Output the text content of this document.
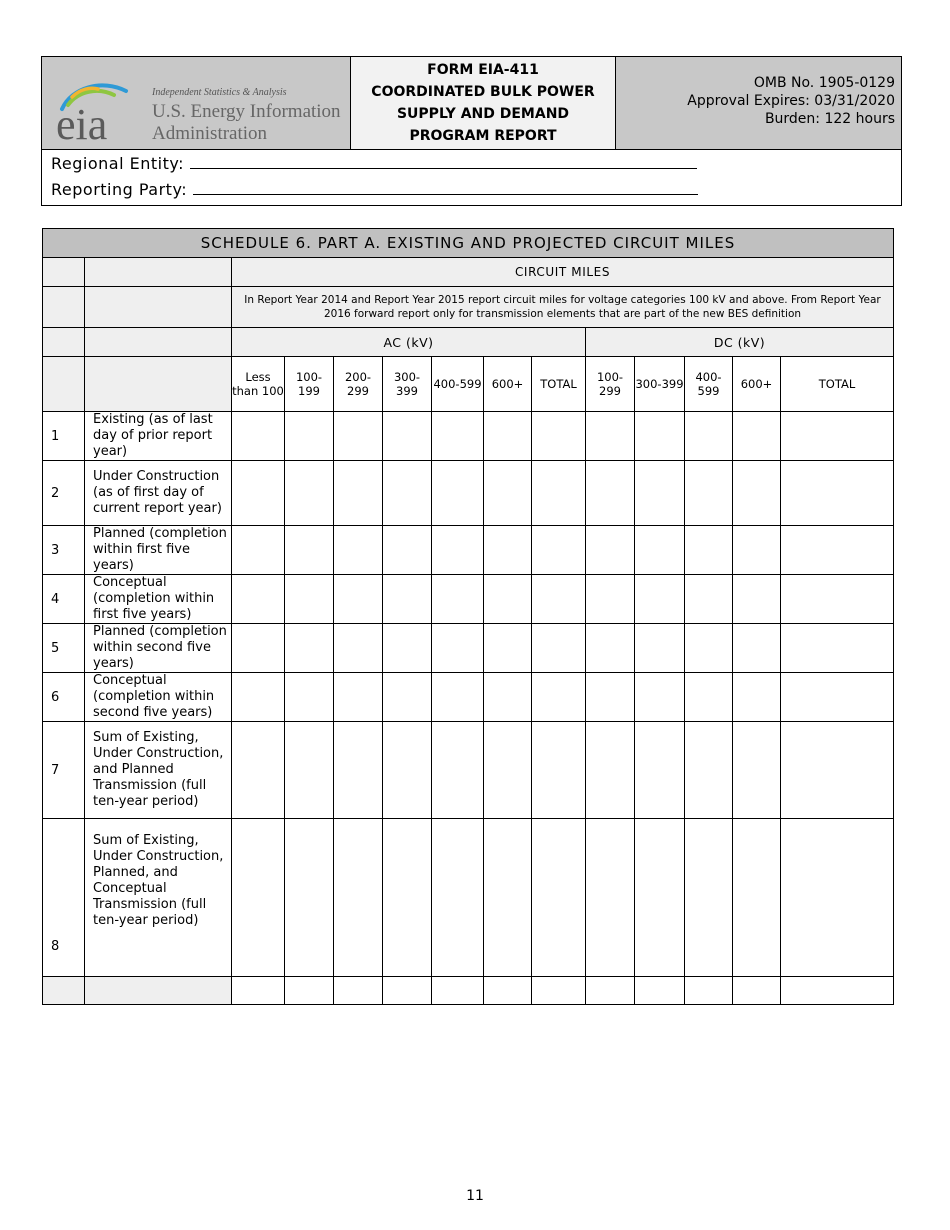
eia
Independent Statistics & Analysis
U.S. Energy Information
Administration
FORM EIA-411
COORDINATED BULK POWER
SUPPLY AND DEMAND
PROGRAM REPORT
OMB No. 1905-0129
Approval Expires: 03/31/2020
Burden: 122 hours
Regional Entity:
Reporting Party:
SCHEDULE 6. PART A. EXISTING AND PROJECTED CIRCUIT MILES													
		CIRCUIT MILES											
		In Report Year 2014 and Report Year 2015 report circuit miles for voltage categories 100 kV and above. From Report Year 2016 forward report only for transmission elements that are part of the new BES definition											
		AC (kV)							DC (kV)				
		Less than 100	100-199	200-299	300-399	400-599	600+	TOTAL	100-299	300-399	400-599	600+	TOTAL
1	Existing (as of last day of prior report year)												
2	Under Construction (as of first day of current report year)												
3	Planned (completion within first five years)												
4	Conceptual (completion within first five years)												
5	Planned (completion within second five years)												
6	Conceptual (completion within second five years)												
7	Sum of Existing, Under Construction, and Planned Transmission (full ten-year period)												
8	Sum of Existing, Under Construction, Planned, and Conceptual Transmission (full ten-year period)												

11
